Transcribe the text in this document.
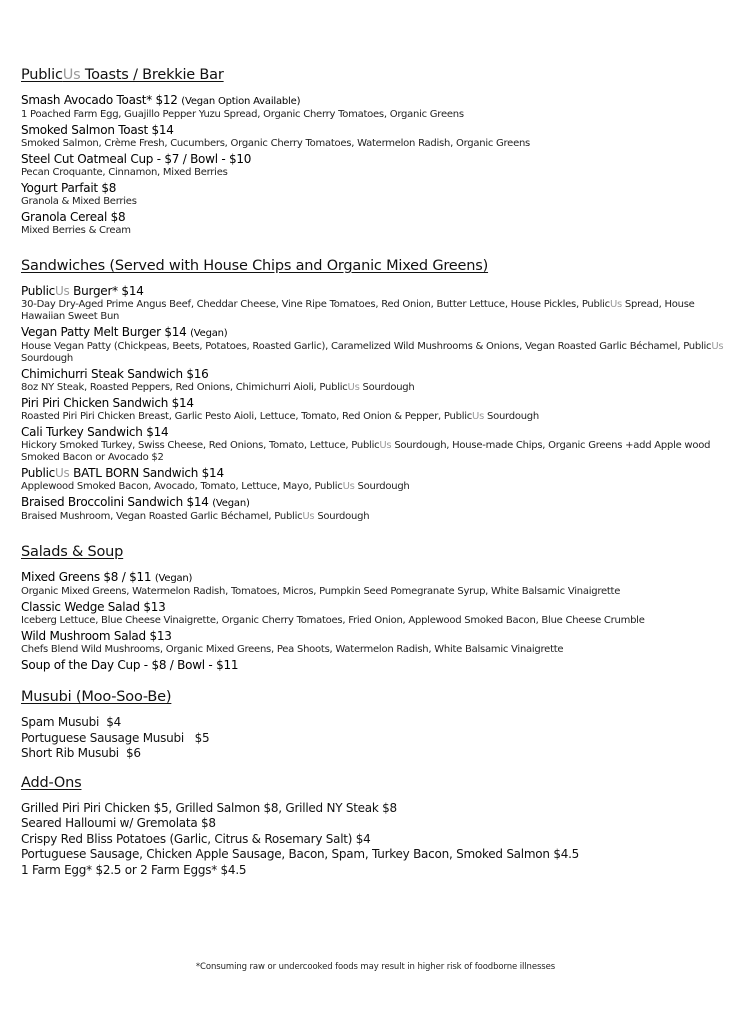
PublicUs Toasts / Brekkie Bar
Smash Avocado Toast* $12 (Vegan Option Available)
1 Poached Farm Egg, Guajillo Pepper Yuzu Spread, Organic Cherry Tomatoes, Organic Greens
Smoked Salmon Toast $14
Smoked Salmon, Crème Fresh, Cucumbers, Organic Cherry Tomatoes, Watermelon Radish, Organic Greens
Steel Cut Oatmeal Cup - $7 / Bowl - $10
Pecan Croquante, Cinnamon, Mixed Berries
Yogurt Parfait $8
Granola & Mixed Berries
Granola Cereal $8
Mixed Berries & Cream
Sandwiches (Served with House Chips and Organic Mixed Greens)
PublicUs Burger* $14
30-Day Dry-Aged Prime Angus Beef, Cheddar Cheese, Vine Ripe Tomatoes, Red Onion, Butter Lettuce, House Pickles, PublicUs Spread, House Hawaiian Sweet Bun
Vegan Patty Melt Burger $14 (Vegan)
House Vegan Patty (Chickpeas, Beets, Potatoes, Roasted Garlic), Caramelized Wild Mushrooms & Onions, Vegan Roasted Garlic Béchamel, PublicUs Sourdough
Chimichurri Steak Sandwich $16
8oz NY Steak, Roasted Peppers, Red Onions, Chimichurri Aioli, PublicUs Sourdough
Piri Piri Chicken Sandwich $14
Roasted Piri Piri Chicken Breast, Garlic Pesto Aioli, Lettuce, Tomato, Red Onion & Pepper, PublicUs Sourdough
Cali Turkey Sandwich $14
Hickory Smoked Turkey, Swiss Cheese, Red Onions, Tomato, Lettuce, PublicUs Sourdough, House-made Chips, Organic Greens +add Apple wood Smoked Bacon or Avocado $2
PublicUs BATL BORN Sandwich $14
Applewood Smoked Bacon, Avocado, Tomato, Lettuce, Mayo, PublicUs Sourdough
Braised Broccolini Sandwich $14 (Vegan)
Braised Mushroom, Vegan Roasted Garlic Béchamel, PublicUs Sourdough
Salads & Soup
Mixed Greens $8 / $11 (Vegan)
Organic Mixed Greens, Watermelon Radish, Tomatoes, Micros, Pumpkin Seed Pomegranate Syrup, White Balsamic Vinaigrette
Classic Wedge Salad $13
Iceberg Lettuce, Blue Cheese Vinaigrette, Organic Cherry Tomatoes, Fried Onion, Applewood Smoked Bacon, Blue Cheese Crumble
Wild Mushroom Salad $13
Chefs Blend Wild Mushrooms, Organic Mixed Greens, Pea Shoots, Watermelon Radish, White Balsamic Vinaigrette
Soup of the Day Cup - $8 / Bowl - $11
Musubi (Moo-Soo-Be)
Spam Musubi $4
Portuguese Sausage Musubi $5
Short Rib Musubi $6
Add-Ons
Grilled Piri Piri Chicken $5, Grilled Salmon $8, Grilled NY Steak $8
Seared Halloumi w/ Gremolata $8
Crispy Red Bliss Potatoes (Garlic, Citrus & Rosemary Salt) $4
Portuguese Sausage, Chicken Apple Sausage, Bacon, Spam, Turkey Bacon, Smoked Salmon $4.5
1 Farm Egg* $2.5 or 2 Farm Eggs* $4.5
*Consuming raw or undercooked foods may result in higher risk of foodborne illnesses
